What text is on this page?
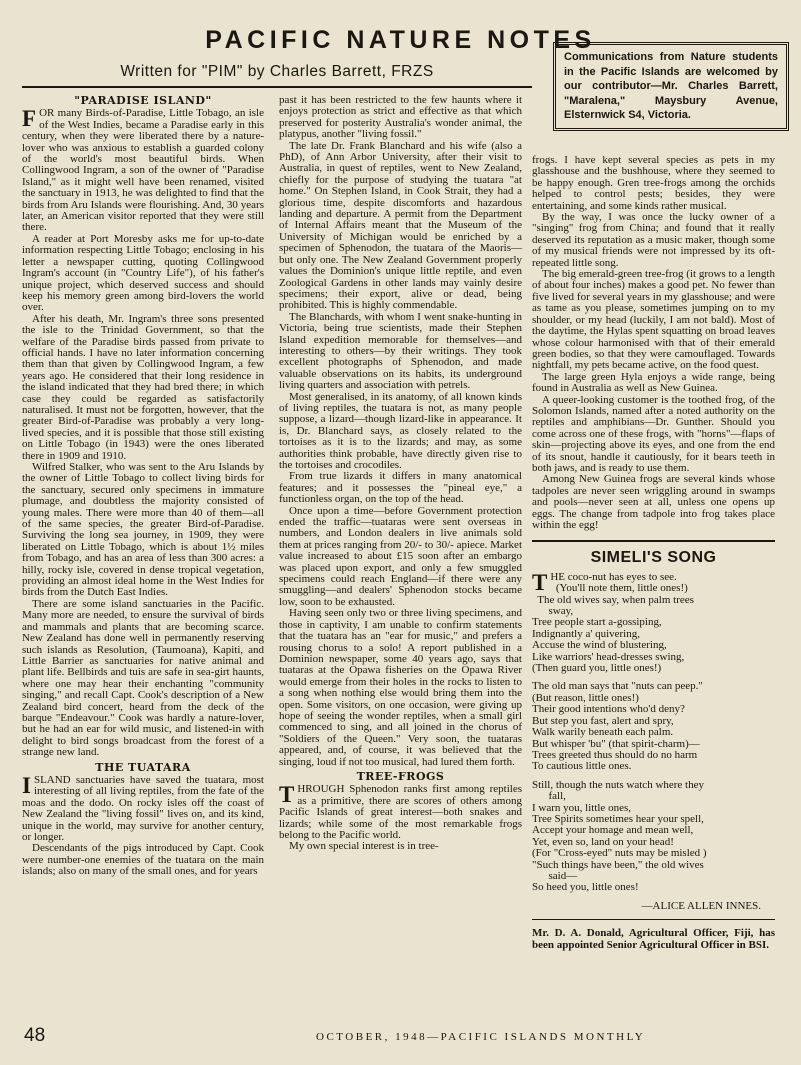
PACIFIC NATURE NOTES
Written for "PIM" by Charles Barrett, FRZS
Communications from Nature students in the Pacific Islands are welcomed by our contributor—Mr. Charles Barrett, "Maralena," Maysbury Avenue, Elsternwick S4, Victoria.
"PARADISE ISLAND"

FOR many Birds-of-Paradise, Little Tobago, an isle of the West Indies, became a Paradise early in this century, when they were liberated there by a nature-lover who was anxious to establish a guarded colony of the world's most beautiful birds. When Collingwood Ingram, a son of the owner of "Paradise Island," as it might well have been renamed, visited the sanctuary in 1913, he was delighted to find that the birds from Aru Islands were flourishing. And, 30 years later, an American visitor reported that they were still there.

A reader at Port Moresby asks me for up-to-date information respecting Little Tobago; enclosing in his letter a newspaper cutting, quoting Collingwood Ingram's account (in "Country Life"), of his father's unique project, which deserved success and should keep his memory green among bird-lovers the world over.

After his death, Mr. Ingram's three sons presented the isle to the Trinidad Government, so that the welfare of the Paradise birds passed from private to official hands. I have no later information concerning them than that given by Collingwood Ingram, a few years ago. He considered that their long residence in the island indicated that they had bred there; in which case they could be regarded as satisfactorily naturalised. It must not be forgotten, however, that the greater Bird-of-Paradise was probably a very long-lived species, and it is possible that those still existing on Little Tobago (in 1943) were the ones liberated there in 1909 and 1910.

Wilfred Stalker, who was sent to the Aru Islands by the owner of Little Tobago to collect living birds for the sanctuary, secured only specimens in immature plumage, and doubtless the majority consisted of young males. There were more than 40 of them—all of the same species, the greater Bird-of-Paradise. Surviving the long sea journey, in 1909, they were liberated on Little Tobago, which is about 1½ miles from Tobago, and has an area of less than 300 acres: a hilly, rocky isle, covered in dense tropical vegetation, providing an almost ideal home in the West Indies for birds from the Dutch East Indies.

There are some island sanctuaries in the Pacific. Many more are needed, to ensure the survival of birds and mammals and plants that are becoming scarce. New Zealand has done well in permanently reserving such islands as Resolution, (Taumoana), Kapiti, and Little Barrier as sanctuaries for native animal and plant life. Bellbirds and tuis are safe in sea-girt haunts, where one may hear their enchanting "community singing," and recall Capt. Cook's description of a New Zealand bird concert, heard from the deck of the barque "Endeavour." Cook was hardly a nature-lover, but he had an ear for wild music, and listened-in with delight to bird songs broadcast from the forest of a strange new land.

THE TUATARA

ISLAND sanctuaries have saved the tuatara, most interesting of all living reptiles, from the fate of the moas and the dodo. On rocky isles off the coast of New Zealand the "living fossil" lives on, and its kind, unique in the world, may survive for another century, or longer.

Descendants of the pigs introduced by Capt. Cook were number-one enemies of the tuatara on the main islands; also on many of the small ones, and for years

past it has been restricted to the few haunts where it enjoys protection as strict and effective as that which preserved for posterity Australia's wonder animal, the platypus, another "living fossil."

The late Dr. Frank Blanchard and his wife (also a PhD), of Ann Arbor University, after their visit to Australia, in quest of reptiles, went to New Zealand, chiefly for the purpose of studying the tuatara "at home." On Stephen Island, in Cook Strait, they had a glorious time, despite discomforts and hazardous landing and departure. A permit from the Department of Internal Affairs meant that the Museum of the University of Michigan would be enriched by a specimen of Sphenodon, the tuatara of the Maoris—but only one. The New Zealand Government properly values the Dominion's unique little reptile, and even Zoological Gardens in other lands may vainly desire specimens; their export, alive or dead, being prohibited. This is highly commendable.

The Blanchards, with whom I went snake-hunting in Victoria, being true scientists, made their Stephen Island expedition memorable for themselves—and interesting to others—by their writings. They took excellent photographs of Sphenodon, and made valuable observations on its habits, its underground living quarters and association with petrels.

Most generalised, in its anatomy, of all known kinds of living reptiles, the tuatara is not, as many people suppose, a lizard—though lizard-like in appearance. It is, Dr. Blanchard says, as closely related to the tortoises as it is to the lizards; and may, as some authorities think probable, have directly given rise to the tortoises and crocodiles.

From true lizards it differs in many anatomical features; and it possesses the "pineal eye," a functionless organ, on the top of the head.

Once upon a time—before Government protection ended the traffic—tuataras were sent overseas in numbers, and London dealers in live animals sold them at prices ranging from 20/- to 30/- apiece. Market value increased to about £15 soon after an embargo was placed upon export, and only a few smuggled specimens could reach England—if there were any smuggling—and dealers' Sphenodon stocks became low, soon to be exhausted.

Having seen only two or three living specimens, and those in captivity, I am unable to confirm statements that the tuatara has an "ear for music," and prefers a rousing chorus to a solo! A report published in a Dominion newspaper, some 40 years ago, says that tuataras at the Opawa fisheries on the Opawa River would emerge from their holes in the rocks to listen to a song when nothing else would bring them into the open. Some visitors, on one occasion, were giving up hope of seeing the wonder reptiles, when a small girl commenced to sing, and all joined in the chorus of "Soldiers of the Queen." Very soon, the tuataras appeared, and, of course, it was believed that the singing, loud if not too musical, had lured them forth.

TREE-FROGS

THROUGH Sphenodon ranks first among reptiles as a primitive, there are scores of others among Pacific Islands of great interest—both snakes and lizards; while some of the most remarkable frogs belong to the Pacific world.

My own special interest is in tree-

frogs. I have kept several species as pets in my glasshouse and the bushhouse, where they seemed to be happy enough. Gren tree-frogs among the orchids helped to control pests; besides, they were entertaining, and some kinds rather musical.

By the way, I was once the lucky owner of a "singing" frog from China; and found that it really deserved its reputation as a music maker, though some of my musical friends were not impressed by its oft-repeated little song.

The big emerald-green tree-frog (it grows to a length of about four inches) makes a good pet. No fewer than five lived for several years in my glasshouse; and were as tame as you please, sometimes jumping on to my shoulder, or my head (luckily, I am not bald). Most of the daytime, the Hylas spent squatting on broad leaves whose colour harmonised with that of their emerald green bodies, so that they were camouflaged. Towards nightfall, my pets became active, on the food quest.

The large green Hyla enjoys a wide range, being found in Australia as well as New Guinea.

A queer-looking customer is the toothed frog, of the Solomon Islands, named after a noted authority on the reptiles and amphibians—Dr. Gunther. Should you come across one of these frogs, with "horns"—flaps of skin—projecting above its eyes, and one from the end of its snout, handle it cautiously, for it bears teeth in both jaws, and is ready to use them.

Among New Guinea frogs are several kinds whose tadpoles are never seen wriggling around in swamps and pools—never seen at all, unless one opens up eggs. The change from tadpole into frog takes place within the egg!

SIMELI'S SONG
T HE coco-nut has eyes to see.
(You'll note them, little ones!)
The old wives say, when palm trees
sway,
Tree people start a-gossiping,
Indignantly a' quivering,
Accuse the wind of blustering,
Like warriors' head-dresses swing,
(Then guard you, little ones!)
The old man says that "nuts can peep."
(But reason, little ones!)
Their good intentions who'd deny?
But step you fast, alert and spry,
Walk warily beneath each palm.
But whisper 'bu" (that spirit-charm)—
Trees greeted thus should do no harm
To cautious little ones.
Still, though the nuts watch where they
fall,
I warn you, little ones,
Tree Spirits sometimes hear your spell,
Accept your homage and mean well,
Yet, even so, land on your head!
(For "Cross-eyed" nuts may be misled )
"Such things have been," the old wives
said—
So heed you, little ones!
—ALICE ALLEN INNES.

Mr. D. A. Donald, Agricultural Officer, Fiji, has been appointed Senior Agricultural Officer in BSI.

48	OCTOBER, 1948—PACIFIC ISLANDS MONTHLY
